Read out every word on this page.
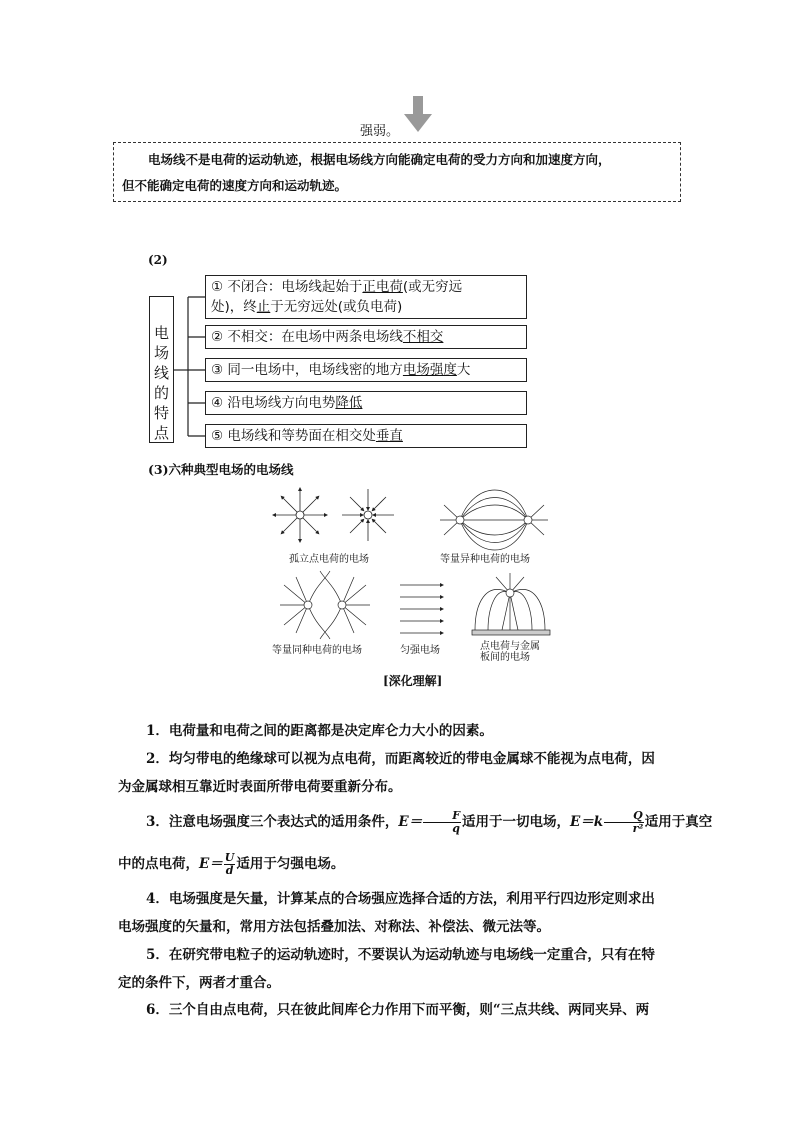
强弱。
电场线不是电荷的运动轨迹，根据电场线方向能确定电荷的受力方向和加速度方向，
但不能确定电荷的速度方向和运动轨迹。
(2)
电
场
线
的
特
点
① 不闭合：电场线起始于正电荷(或无穷远
处)，终止于无穷远处(或负电荷)
② 不相交：在电场中两条电场线不相交
③ 同一电场中，电场线密的地方电场强度大
④ 沿电场线方向电势降低
⑤ 电场线和等势面在相交处垂直
(3)六种典型电场的电场线
孤立点电荷的电场	等量异种电荷的电场
等量同种电荷的电场	匀强电场	点电荷与金属
板间的电场
[深化理解]
1．电荷量和电荷之间的距离都是决定库仑力大小的因素。
2．均匀带电的绝缘球可以视为点电荷，而距离较近的带电金属球不能视为点电荷，因
为金属球相互靠近时表面所带电荷要重新分布。
3．注意电场强度三个表达式的适用条件，$E= \frac{F}{q}$ 适用于一切电场，$E=k \frac{Q}{\text{r²}}$ 适用于真空
中的点电荷，$E= \frac{U}{d}$ 适用于匀强电场。
4．电场强度是矢量，计算某点的合场强应选择合适的方法，利用平行四边形定则求出
电场强度的矢量和，常用方法包括叠加法、对称法、补偿法、微元法等。
5．在研究带电粒子的运动轨迹时，不要误认为运动轨迹与电场线一定重合，只有在特
定的条件下，两者才重合。
6．三个自由点电荷，只在彼此间库仑力作用下而平衡，则“三点共线、两同夹异、两
